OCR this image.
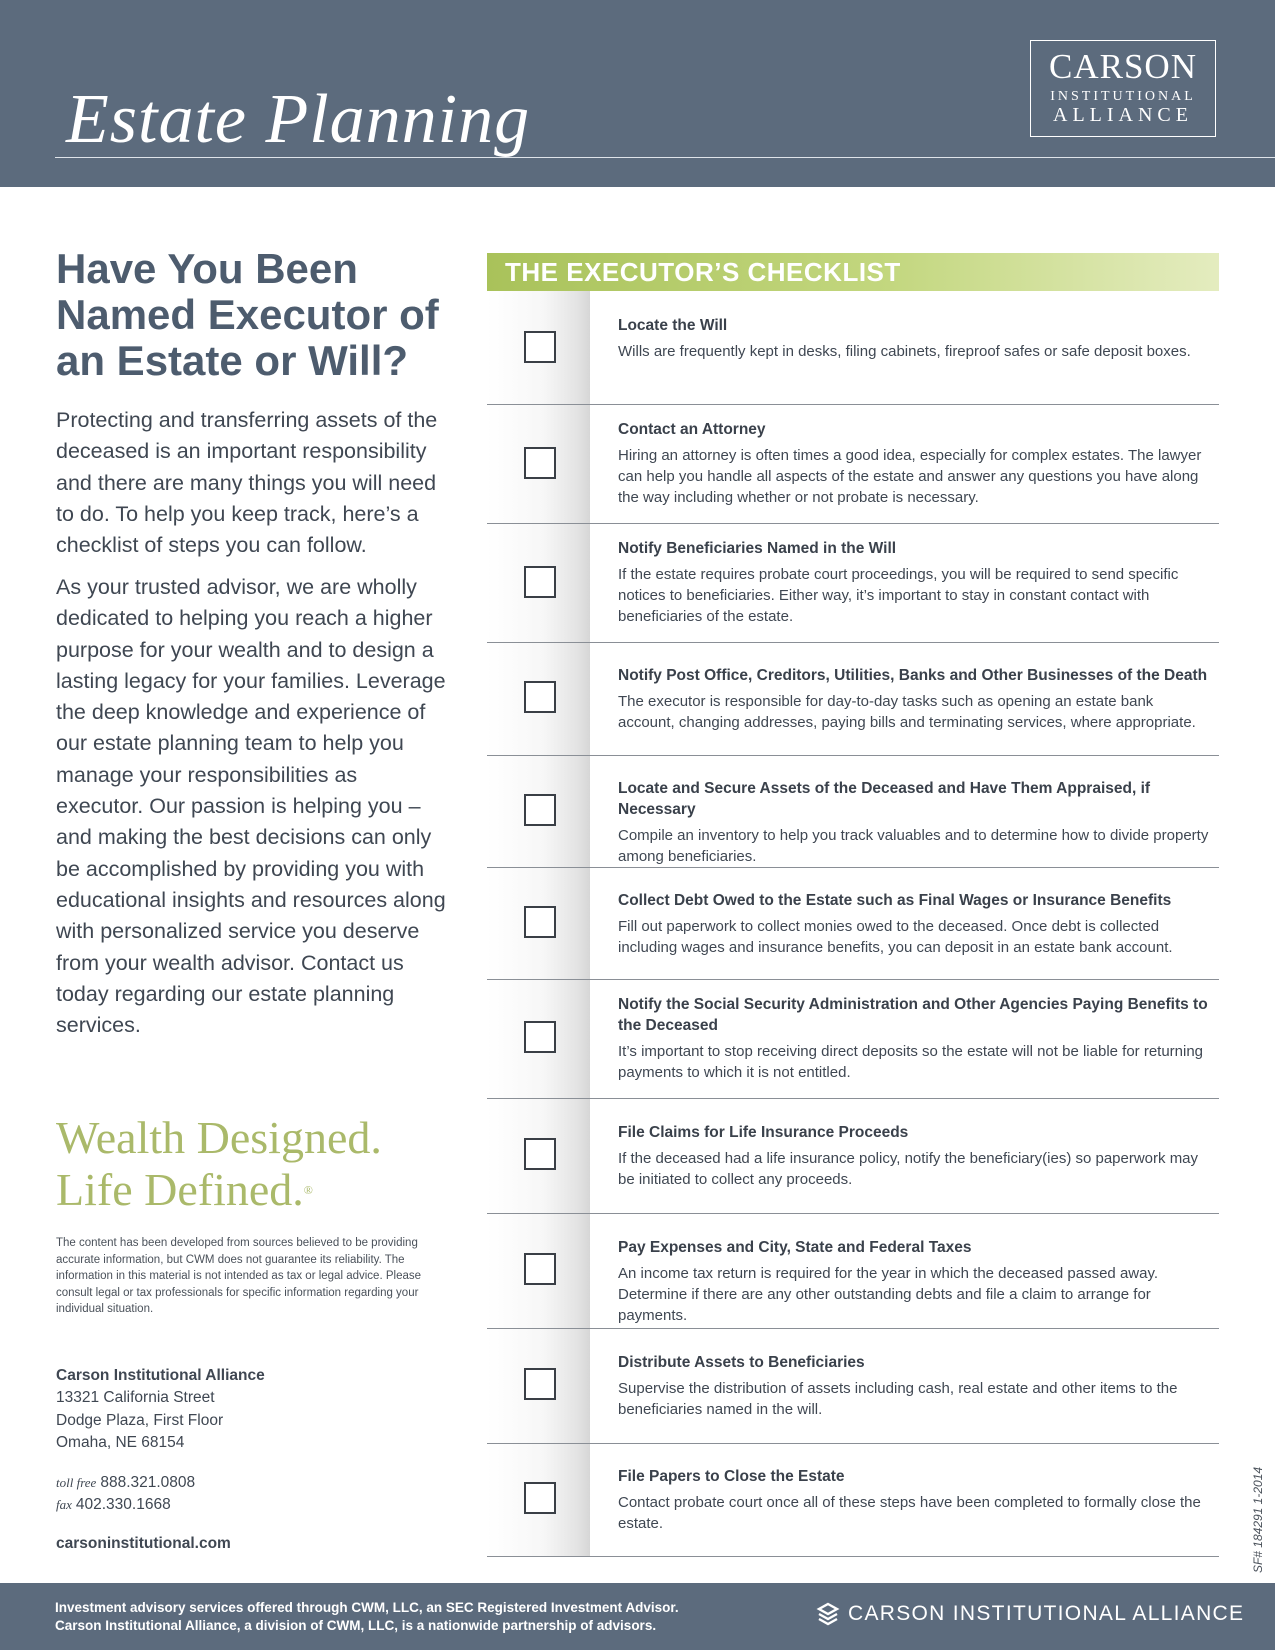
Estate Planning
CARSON
INSTITUTIONAL
ALLIANCE
Have You Been Named Executor of an Estate or Will?
Protecting and transferring assets of the deceased is an important responsibility and there are many things you will need to do. To help you keep track, here’s a checklist of steps you can follow.
As your trusted advisor, we are wholly dedicated to helping you reach a higher purpose for your wealth and to design a lasting legacy for your families. Leverage the deep knowledge and experience of our estate planning team to help you manage your responsibilities as executor. Our passion is helping you – and making the best decisions can only be accomplished by providing you with educational insights and resources along with personalized service you deserve from your wealth advisor. Contact us today regarding our estate planning services.
Wealth Designed.
Life Defined.®
The content has been developed from sources believed to be providing accurate information, but CWM does not guarantee its reliability. The information in this material is not intended as tax or legal advice. Please consult legal or tax professionals for specific information regarding your individual situation.
Carson Institutional Alliance
13321 California Street
Dodge Plaza, First Floor
Omaha, NE 68154
toll free 888.321.0808
fax 402.330.1668
carsoninstitutional.com
THE EXECUTOR’S CHECKLIST
Locate the Will
Wills are frequently kept in desks, filing cabinets, fireproof safes or safe deposit boxes.
Contact an Attorney
Hiring an attorney is often times a good idea, especially for complex estates. The lawyer can help you handle all aspects of the estate and answer any questions you have along the way including whether or not probate is necessary.
Notify Beneficiaries Named in the Will
If the estate requires probate court proceedings, you will be required to send specific notices to beneficiaries. Either way, it’s important to stay in constant contact with beneficiaries of the estate.
Notify Post Office, Creditors, Utilities, Banks and Other Businesses of the Death
The executor is responsible for day-to-day tasks such as opening an estate bank account, changing addresses, paying bills and terminating services, where appropriate.
Locate and Secure Assets of the Deceased and Have Them Appraised, if Necessary
Compile an inventory to help you track valuables and to determine how to divide property among beneficiaries.
Collect Debt Owed to the Estate such as Final Wages or Insurance Benefits
Fill out paperwork to collect monies owed to the deceased. Once debt is collected including wages and insurance benefits, you can deposit in an estate bank account.
Notify the Social Security Administration and Other Agencies Paying Benefits to the Deceased
It’s important to stop receiving direct deposits so the estate will not be liable for returning payments to which it is not entitled.
File Claims for Life Insurance Proceeds
If the deceased had a life insurance policy, notify the beneficiary(ies) so paperwork may be initiated to collect any proceeds.
Pay Expenses and City, State and Federal Taxes
An income tax return is required for the year in which the deceased passed away. Determine if there are any other outstanding debts and file a claim to arrange for payments.
Distribute Assets to Beneficiaries
Supervise the distribution of assets including cash, real estate and other items to the beneficiaries named in the will.
File Papers to Close the Estate
Contact probate court once all of these steps have been completed to formally close the estate.	SF# 184291 1-2014
Investment advisory services offered through CWM, LLC, an SEC Registered Investment Advisor.
Carson Institutional Alliance, a division of CWM, LLC, is a nationwide partnership of advisors.
CARSON INSTITUTIONAL ALLIANCE
